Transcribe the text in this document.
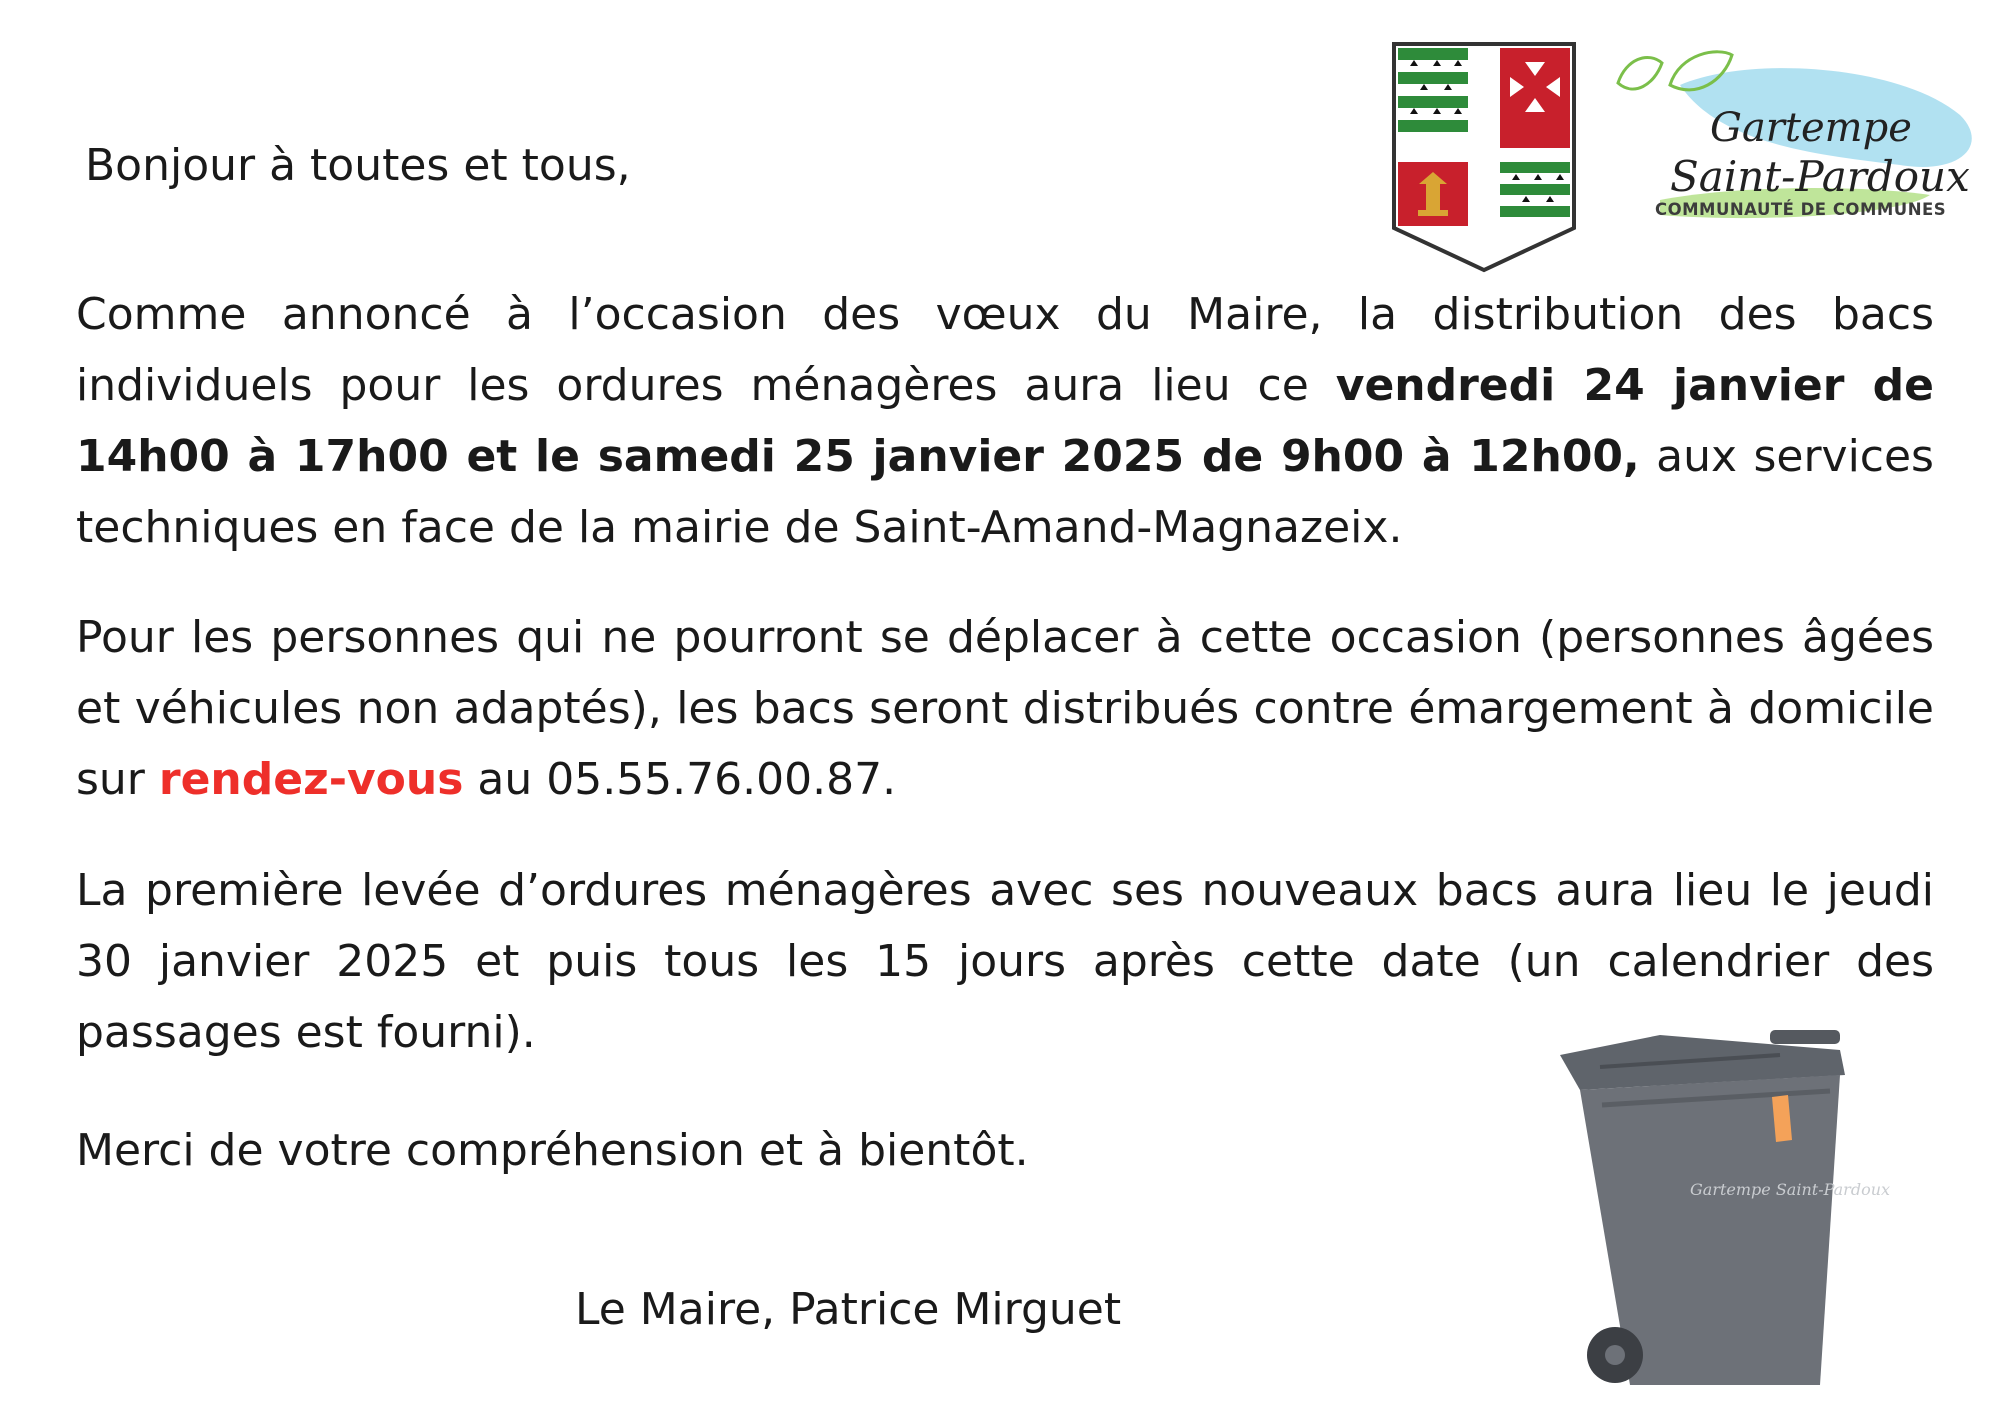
Gartempe
Saint-Pardoux
COMMUNAUTÉ DE COMMUNES
Bonjour à toutes et tous,

Comme annoncé à l’occasion des vœux du Maire, la distribution des bacs individuels pour les ordures ménagères aura lieu ce vendredi 24 janvier de 14h00 à 17h00 et le samedi 25 janvier 2025 de 9h00 à 12h00, aux services techniques en face de la mairie de Saint-Amand-Magnazeix.

Pour les personnes qui ne pourront se déplacer à cette occasion (personnes âgées et véhicules non adaptés), les bacs seront distribués contre émargement à domicile sur rendez-vous au 05.55.76.00.87.

La première levée d’ordures ménagères avec ses nouveaux bacs aura lieu le jeudi 30 janvier 2025 et puis tous les 15 jours après cette date (un calendrier des passages est fourni).

Merci de votre compréhension et à bientôt.
Le Maire, Patrice Mirguet
Gartempe Saint-Pardoux
